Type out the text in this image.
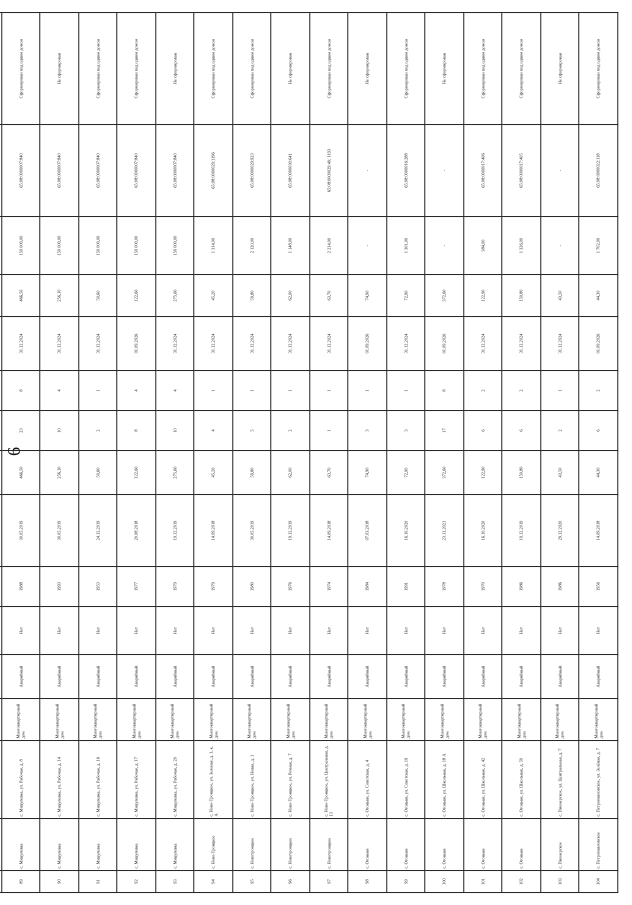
6

89	с. Мицулевка	с. Мицулевка, ул. Рабочая, д. 8	Многоквартирный дом	Аварийный	Нет	1988	30.05.2019	466,50	23	8	31.12.2024	466,50	150 000,00	65:08:0000007:840	Сформирован под одним домом
90	с. Мицулевка	с. Мицулевка, ул. Рабочая, д. 14	Многоквартирный дом	Аварийный	Нет	1993	30.05.2019	256,10	10	4	31.12.2024	256,10	150 000,00	65:08:0000007:840	Не сформирован
91	с. Мицулевка	с. Мицулевка, ул. Рабочая, д. 16	Многоквартирный дом	Аварийный	Нет	1953	24.12.2019	50,60	2	1	31.12.2024	50,60	150 000,00	65:08:0000007:840	Сформирован под одним домом
92	с. Мицулевка	с. Мицулевка, ул. Рабочая, д. 17	Многоквартирный дом	Аварийный	Нет	1977	20.08.2018	122,60	8	4	01.09.2026	122,60	150 000,00	65:08:0000007:840	Сформирован под одним домом
93	с. Мицулевка	с. Мицулевка, ул. Рабочая, д. 20	Многоквартирный дом	Аварийный	Нет	1979	19.12.2019	275,60	10	4	31.12.2024	275,60	150 000,00	65:08:0000007:840	Не сформирован
94	с. Ново-Троицкое	с. Ново-Троицкое, ул. Зеленая, д. 1, к. А	Многоквартирный дом	Аварийный	Нет	1979	14.09.2018	45,20	4	1	31.12.2024	45,20	1 314,00	65:08:0000029:1196	Сформирован под одним домом
95	с. Новотроицкое	с. Ново-Троицкое, ул. Новая, д. 1	Многоквартирный дом	Аварийный	Нет	1980	30.05.2019	59,80	5	1	31.12.2024	59,80	2 120,00	65:08:0000029:923	Сформирован под одним домом
96	с. Новотроицкое	с. Ново-Троицкое, ул. Речная, д. 7	Многоквартирный дом	Аварийный	Нет	1976	19.12.2019	62,00	2	1	31.12.2024	62,00	1 148,00	65:08:0000030:641	Не сформирован
97	с. Новотроицкое	с. Ново-Троицкое, ул. Центральная, д. 13	Многоквартирный дом	Аварийный	Нет	1974	14.09.2018	63,70	1	1	31.12.2024	63,70	2 214,00	65:08:0000029:40; 1193	Сформирован под одним домом
98	с. Огоньки	с. Огоньки, ул. Советская, д. 4	Многоквартирный дом	Аварийный	Нет	1984	07.03.2018	74,90	3	1	01.09.2026	74,90	-	-	Не сформирован
99	с. Огоньки	с. Огоньки, ул. Советская, д. 19	Многоквартирный дом	Аварийный	Нет	1991	16.10.2020	72,90	3	1	31.12.2024	72,90	1 301,00	65:08:0000016:288	Сформирован под одним домом
100	с. Огоньки	с. Огоньки, ул. Школьная, д. 18 А	Многоквартирный дом	Аварийный	Нет	1978	23.11.2021	372,60	17	8	01.09.2026	372,60	-	-	Не сформирован
101	с. Огоньки	с. Огоньки, ул. Школьная, д. 42	Многоквартирный дом	Аварийный	Нет	1970	16.10.2020	122,90	6	2	31.12.2024	122,90	384,00	65:08:0000017:406	Сформирован под одним домом
102	с. Огоньки	с. Огоньки, ул. Школьная, д. 50	Многоквартирный дом	Аварийный	Нет	1986	19.12.2019	150,80	6	2	31.12.2024	150,80	1 326,00	65:08:0000017:405	Сформирован под одним домом
103	с. Пионерское	с. Пионерское, ул. Центральная, д. 7	Многоквартирный дом	Аварийный	Нет	1986	29.12.2020	43,50	2	1	31.12.2024	43,50	-	-	Не сформирован
104	с. Петропавловское	с. Петропавловское, ул. Зелёная, д. 7	Многоквартирный дом	Аварийный	Нет	1956	14.09.2018	44,30	6	2	01.09.2026	44,30	1 702,00	65:08:0000022:118	Сформирован под одним домом
